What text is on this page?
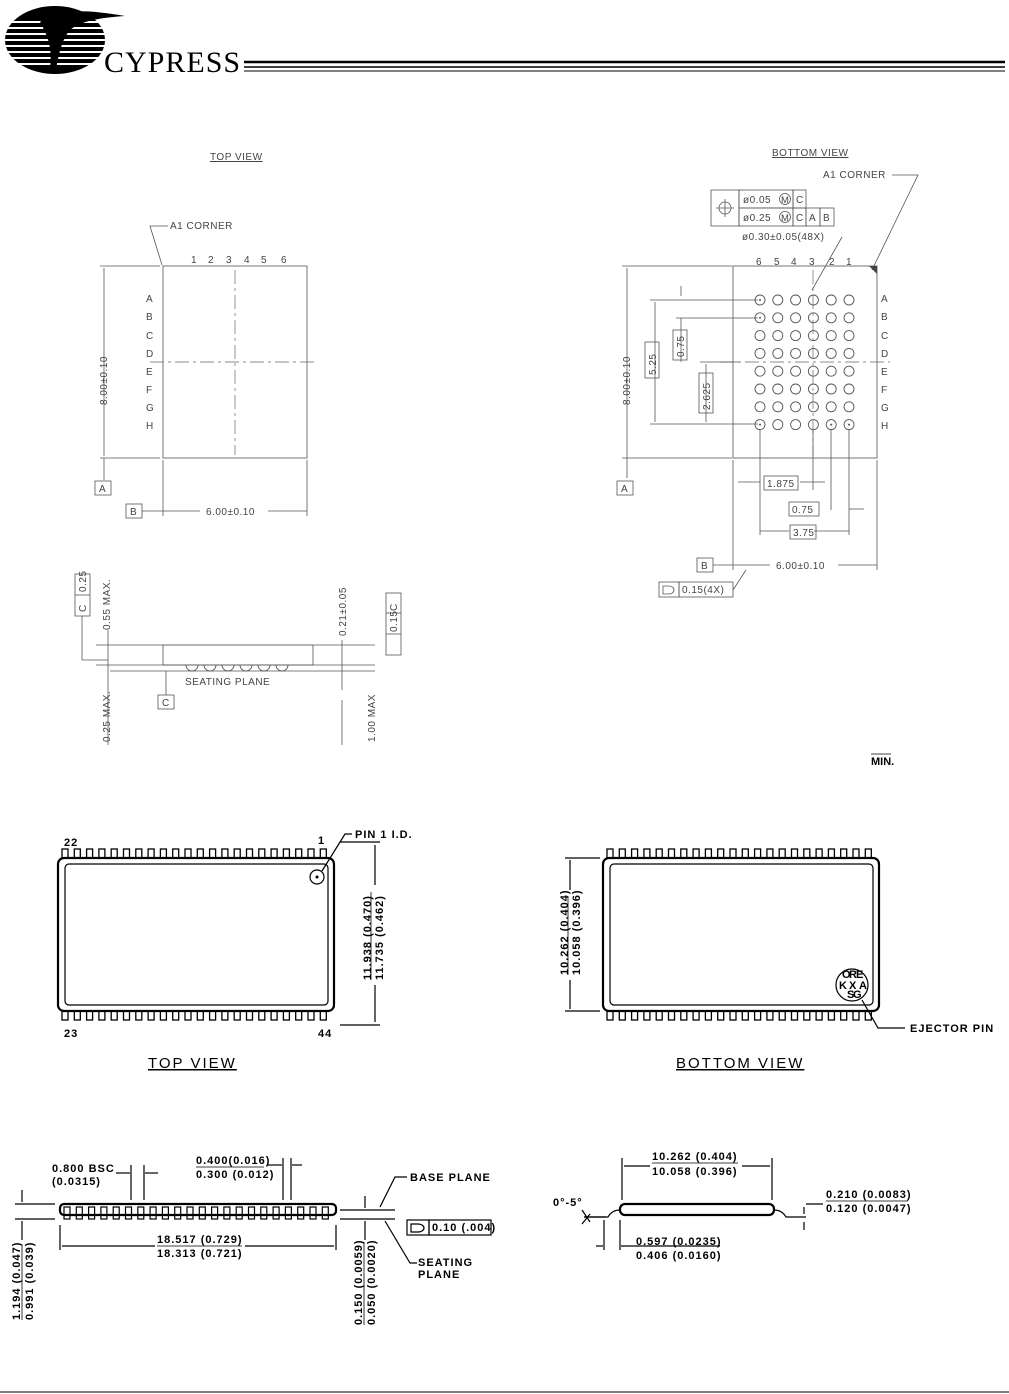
CYPRESS
TOP VIEW
A1 CORNER
1 2 3 4 5 6
A
B
C
D
E
F
G
H
8.00±0.10
A
B	6.00±0.10
0.25
C 0.55 MAX.
SEATING PLANE
C
0.25 MAX.
0.21±0.05
1.00 MAX
0.15
C
BOTTOM VIEW
A1 CORNER
ø0.05 M C
ø0.25 M C A B
ø0.30±0.05(48X)
6 5 4 3 2 1
A
B
C
D
E
F
G
H
8.00±0.10
A
5.25
0.75
2.625
1.875
0.75
3.75
B	6.00±0.10
0.15(4X)
MIN.
22	1
23	44
PIN 1 I.D.
11.938 (0.470) 11.735 (0.462)
TOP VIEW
10.262 (0.404) 10.058 (0.396)	O
R
E
K X A
S
G
EJECTOR PIN
BOTTOM VIEW
0.800 BSC
(0.0315)
0.400(0.016)
0.300 (0.012)
1.194 (0.047) 0.991 (0.039)
18.517 (0.729)
18.313 (0.721)	0.150 (0.0059) 0.050 (0.0020)
BASE PLANE
SEATING
PLANE
0.10 (.004)
10.262 (0.404)
10.058 (0.396)
0°-5°
0.597 (0.0235)
0.406 (0.0160)
0.210 (0.0083)
0.120 (0.0047)
